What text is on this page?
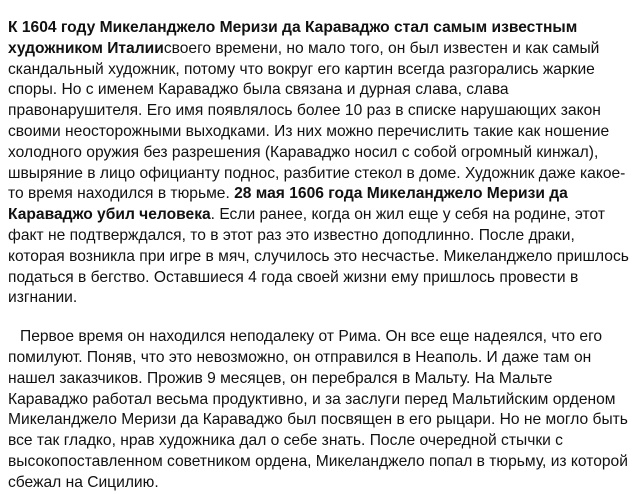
К 1604 году Микеланджело Меризи да Караваджо стал самым известным художником Италиисвоего времени, но мало того, он был известен и как самый скандальный художник, потому что вокруг его картин всегда разгорались жаркие споры. Но с именем Караваджо была связана и дурная слава, слава правонарушителя. Его имя появлялось более 10 раз в списке нарушающих закон своими неосторожными выходками. Из них можно перечислить такие как ношение холодного оружия без разрешения (Караваджо носил с собой огромный кинжал), швыряние в лицо официанту поднос, разбитие стекол в доме. Художник даже какое-то время находился в тюрьме. 28 мая 1606 года Микеланджело Меризи да Караваджо убил человека. Если ранее, когда он жил еще у себя на родине, этот факт не подтверждался, то в этот раз это известно доподлинно. После драки, которая возникла при игре в мяч, случилось это несчастье. Микеланджело пришлось податься в бегство. Оставшиеся 4 года своей жизни ему пришлось провести в изгнании.

Первое время он находился неподалеку от Рима. Он все еще надеялся, что его помилуют. Поняв, что это невозможно, он отправился в Неаполь. И даже там он нашел заказчиков. Прожив 9 месяцев, он перебрался в Мальту. На Мальте Караваджо работал весьма продуктивно, и за заслуги перед Мальтийским орденом Микеланджело Меризи да Караваджо был посвящен в его рыцари. Но не могло быть все так гладко, нрав художника дал о себе знать. После очередной стычки с высокопоставленном советником ордена, Микеланджело попал в тюрьму, из которой сбежал на Сицилию.
